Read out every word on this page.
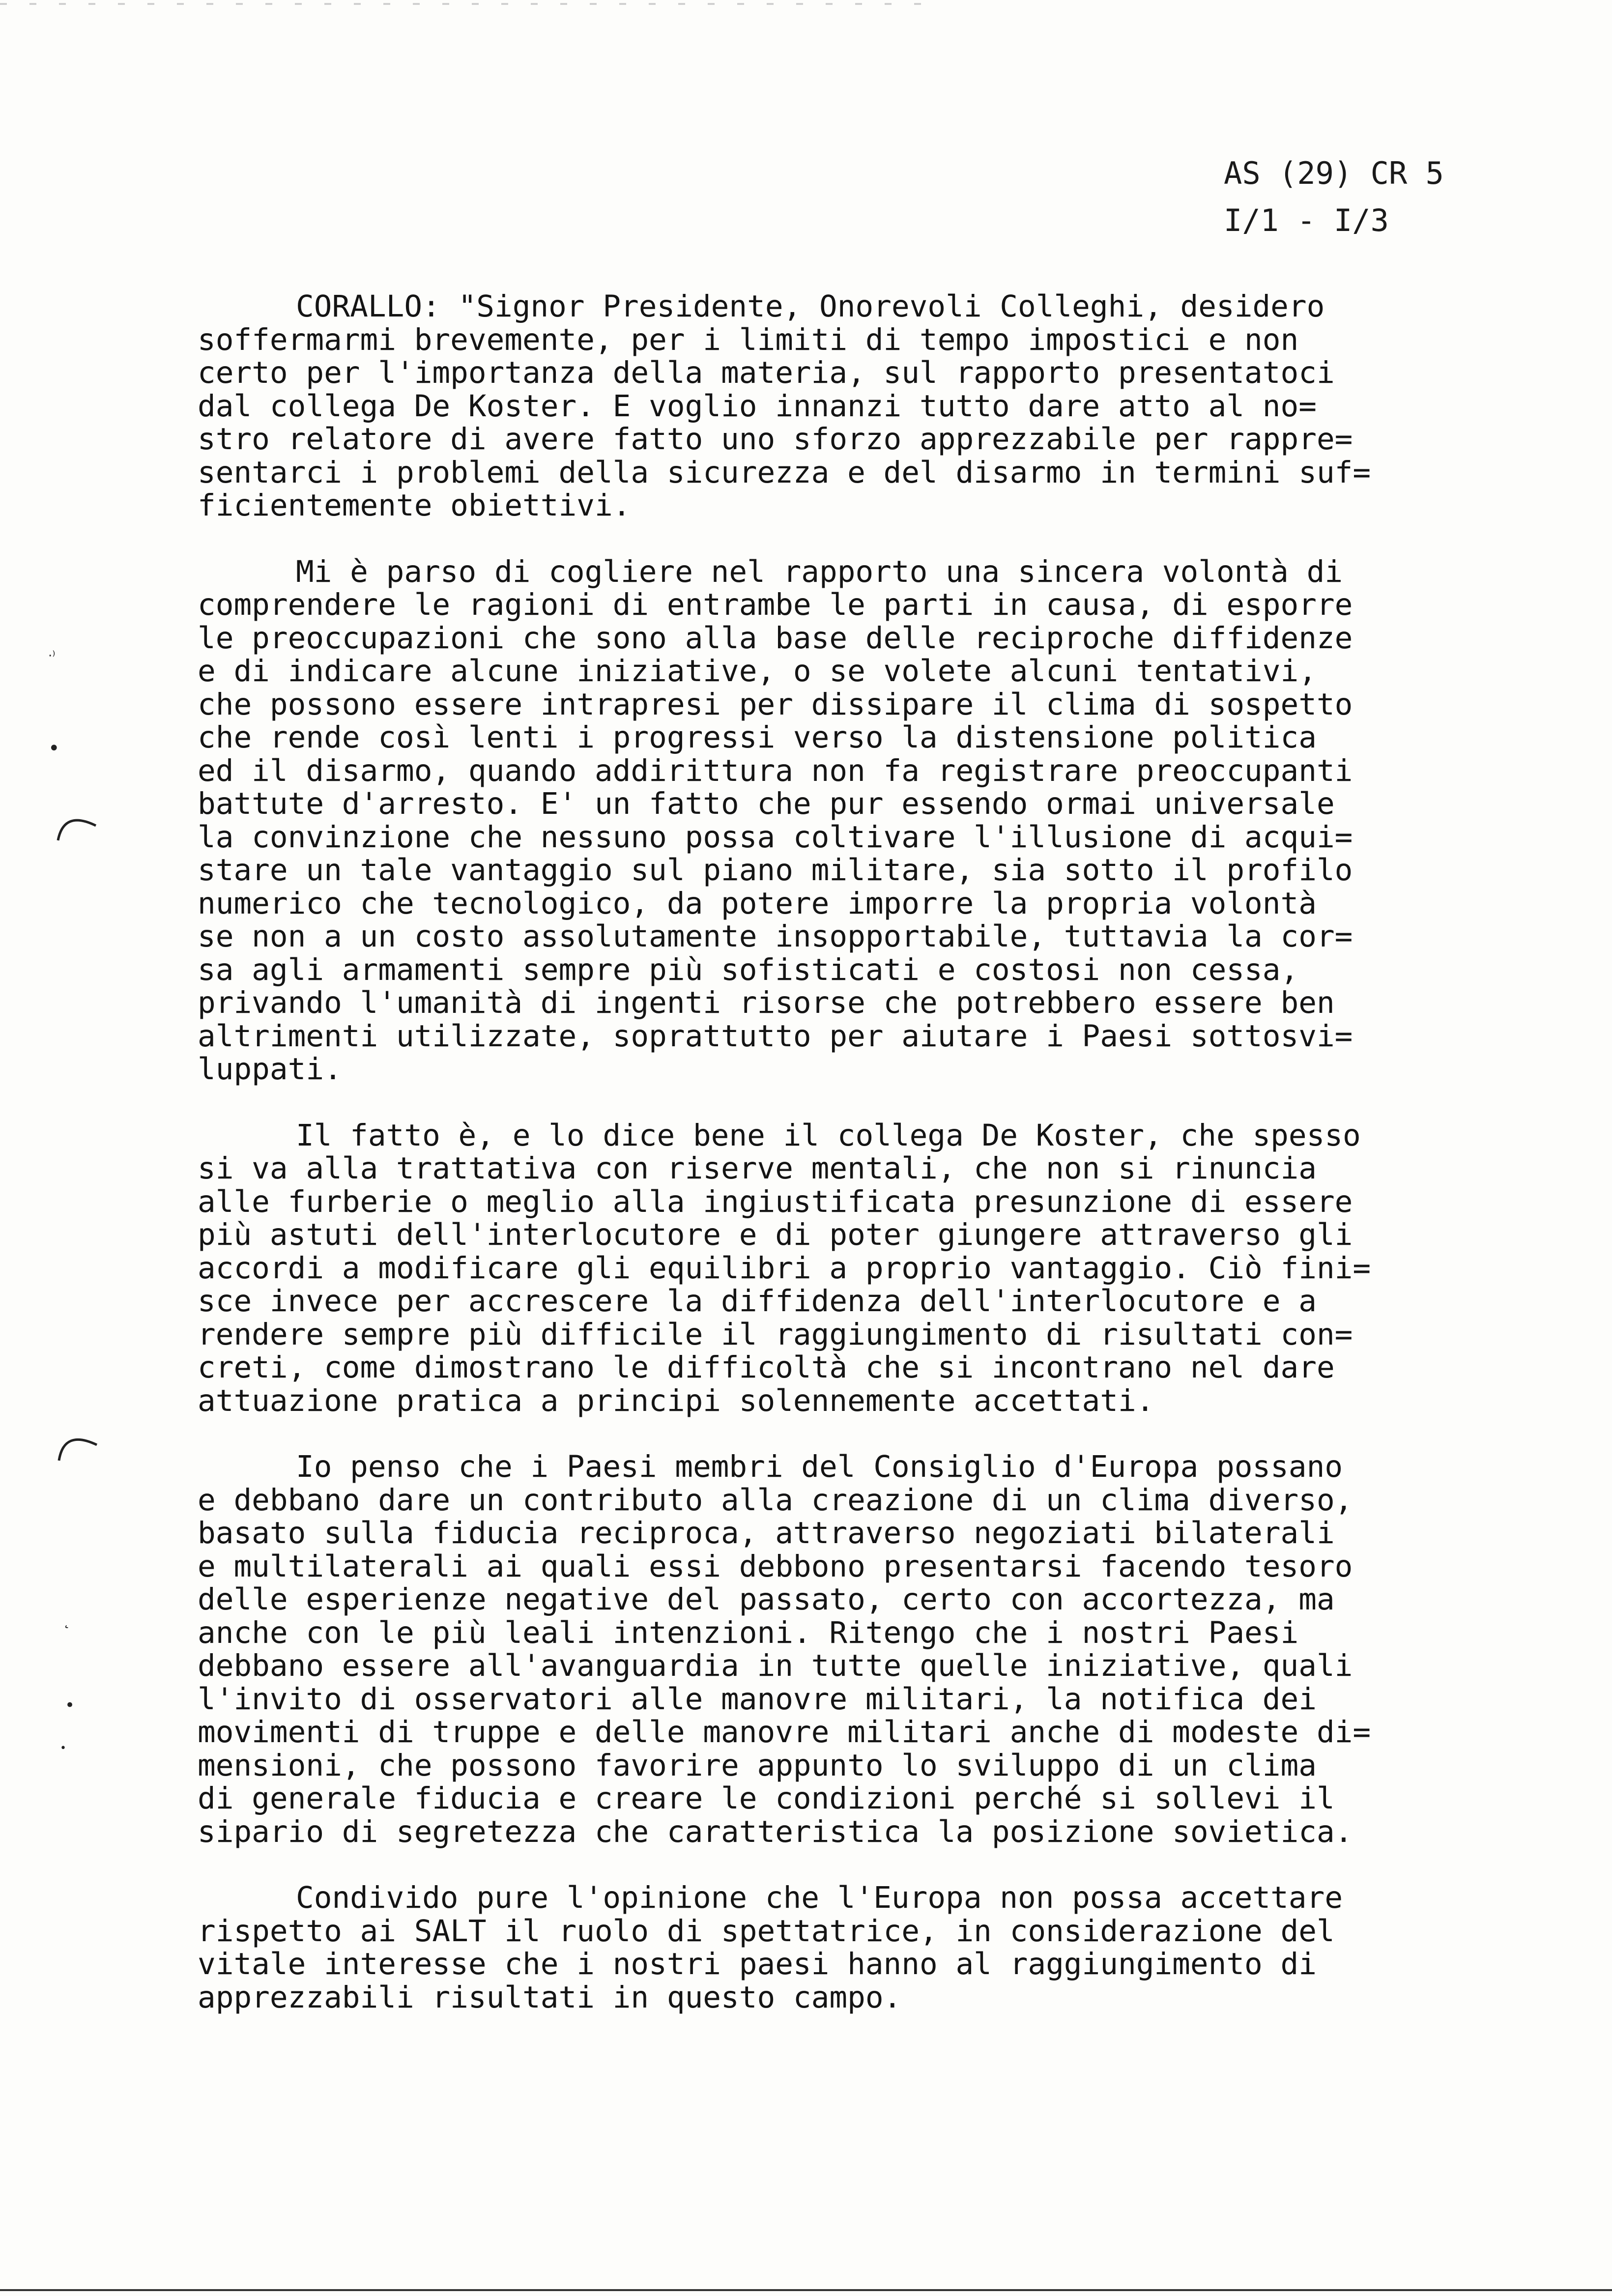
AS (29) CR 5
I/1 - I/3
·⁾
•
˛
•
•
CORALLO: "Signor Presidente, Onorevoli Colleghi, desidero
soffermarmi brevemente, per i limiti di tempo impostici e non
certo per l'importanza della materia, sul rapporto presentatoci
dal collega De Koster. E voglio innanzi tutto dare atto al no=
stro relatore di avere fatto uno sforzo apprezzabile per rappre=
sentarci i problemi della sicurezza e del disarmo in termini suf=
ficientemente obiettivi.
Mi è parso di cogliere nel rapporto una sincera volontà di
comprendere le ragioni di entrambe le parti in causa, di esporre
le preoccupazioni che sono alla base delle reciproche diffidenze
e di indicare alcune iniziative, o se volete alcuni tentativi,
che possono essere intrapresi per dissipare il clima di sospetto
che rende così lenti i progressi verso la distensione politica
ed il disarmo, quando addirittura non fa registrare preoccupanti
battute d'arresto. E' un fatto che pur essendo ormai universale
la convinzione che nessuno possa coltivare l'illusione di acqui=
stare un tale vantaggio sul piano militare, sia sotto il profilo
numerico che tecnologico, da potere imporre la propria volontà
se non a un costo assolutamente insopportabile, tuttavia la cor=
sa agli armamenti sempre più sofisticati e costosi non cessa,
privando l'umanità di ingenti risorse che potrebbero essere ben
altrimenti utilizzate, soprattutto per aiutare i Paesi sottosvi=
luppati.
Il fatto è, e lo dice bene il collega De Koster, che spesso
si va alla trattativa con riserve mentali, che non si rinuncia
alle furberie o meglio alla ingiustificata presunzione di essere
più astuti dell'interlocutore e di poter giungere attraverso gli
accordi a modificare gli equilibri a proprio vantaggio. Ciò fini=
sce invece per accrescere la diffidenza dell'interlocutore e a
rendere sempre più difficile il raggiungimento di risultati con=
creti, come dimostrano le difficoltà che si incontrano nel dare
attuazione pratica a principi solennemente accettati.
Io penso che i Paesi membri del Consiglio d'Europa possano
e debbano dare un contributo alla creazione di un clima diverso,
basato sulla fiducia reciproca, attraverso negoziati bilaterali
e multilaterali ai quali essi debbono presentarsi facendo tesoro
delle esperienze negative del passato, certo con accortezza, ma
anche con le più leali intenzioni. Ritengo che i nostri Paesi
debbano essere all'avanguardia in tutte quelle iniziative, quali
l'invito di osservatori alle manovre militari, la notifica dei
movimenti di truppe e delle manovre militari anche di modeste di=
mensioni, che possono favorire appunto lo sviluppo di un clima
di generale fiducia e creare le condizioni perché si sollevi il
sipario di segretezza che caratteristica la posizione sovietica.
Condivido pure l'opinione che l'Europa non possa accettare
rispetto ai SALT il ruolo di spettatrice, in considerazione del
vitale interesse che i nostri paesi hanno al raggiungimento di
apprezzabili risultati in questo campo.
